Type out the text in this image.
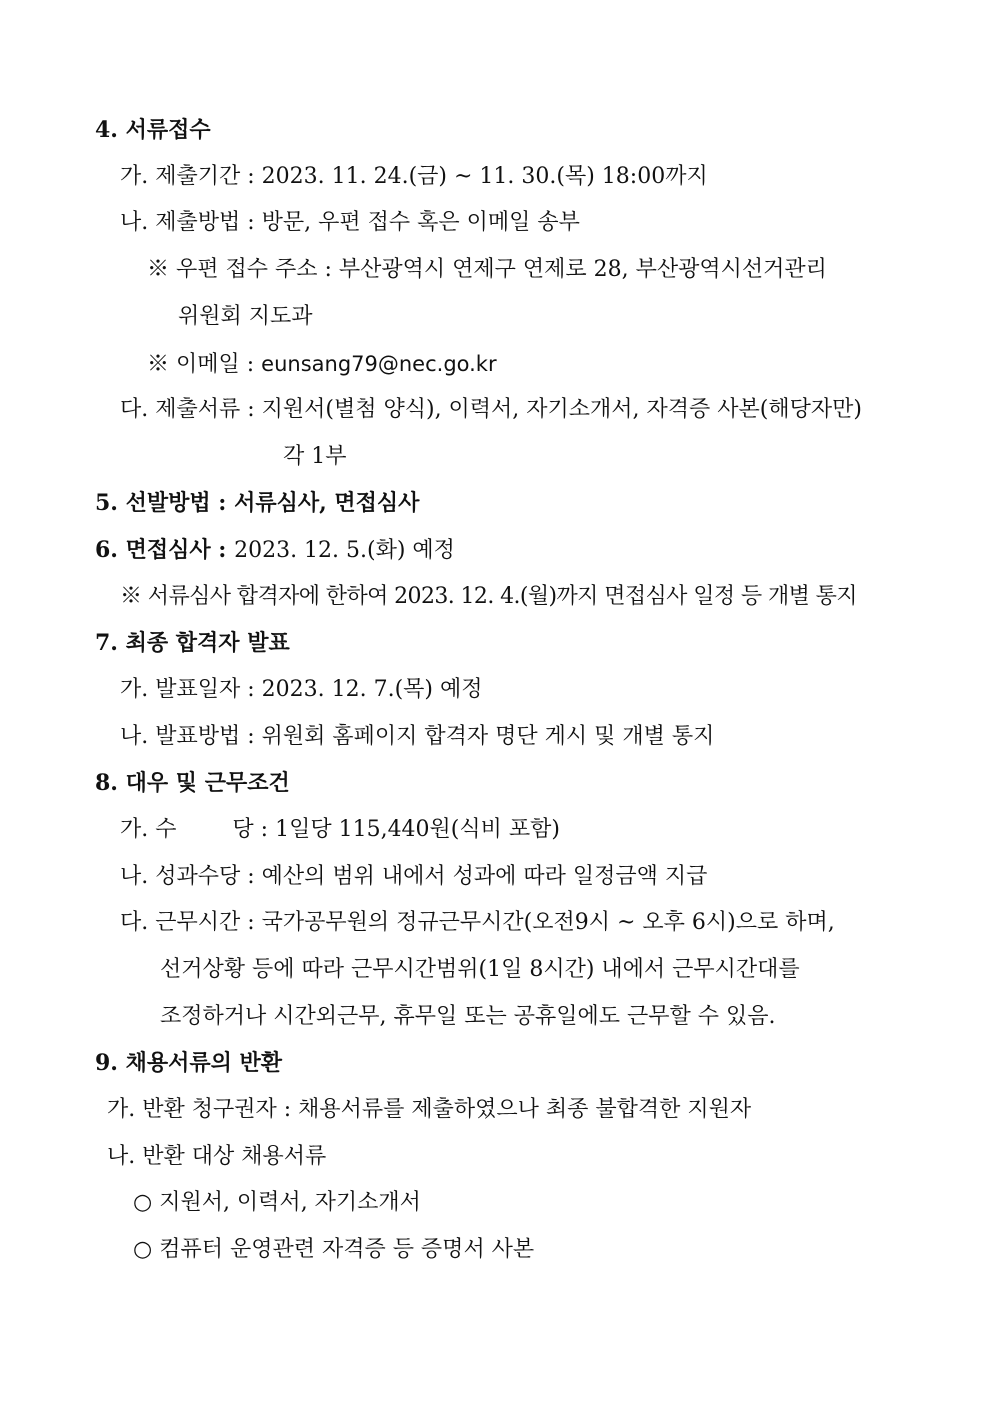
4. 서류접수
가. 제출기간 : 2023. 11. 24.(금) ~ 11. 30.(목) 18:00까지
나. 제출방법 : 방문, 우편 접수 혹은 이메일 송부
※ 우편 접수 주소 : 부산광역시 연제구 연제로 28, 부산광역시선거관리
위원회 지도과
※ 이메일 : eunsang79@nec.go.kr
다. 제출서류 : 지원서(별첨 양식), 이력서, 자기소개서, 자격증 사본(해당자만)
각 1부
5. 선발방법 : 서류심사, 면접심사
6. 면접심사 : 2023. 12. 5.(화) 예정
※ 서류심사 합격자에 한하여 2023. 12. 4.(월)까지 면접심사 일정 등 개별 통지
7. 최종 합격자 발표
가. 발표일자 : 2023. 12. 7.(목) 예정
나. 발표방법 : 위원회 홈페이지 합격자 명단 게시 및 개별 통지
8. 대우 및 근무조건
가. 수        당 : 1일당 115,440원(식비 포함)
나. 성과수당 : 예산의 범위 내에서 성과에 따라 일정금액 지급
다. 근무시간 : 국가공무원의 정규근무시간(오전9시 ~ 오후 6시)으로 하며,
선거상황 등에 따라 근무시간범위(1일 8시간) 내에서 근무시간대를
조정하거나 시간외근무, 휴무일 또는 공휴일에도 근무할 수 있음.
9. 채용서류의 반환
가. 반환 청구권자 : 채용서류를 제출하였으나 최종 불합격한 지원자
나. 반환 대상 채용서류
○ 지원서, 이력서, 자기소개서
○ 컴퓨터 운영관련 자격증 등 증명서 사본
